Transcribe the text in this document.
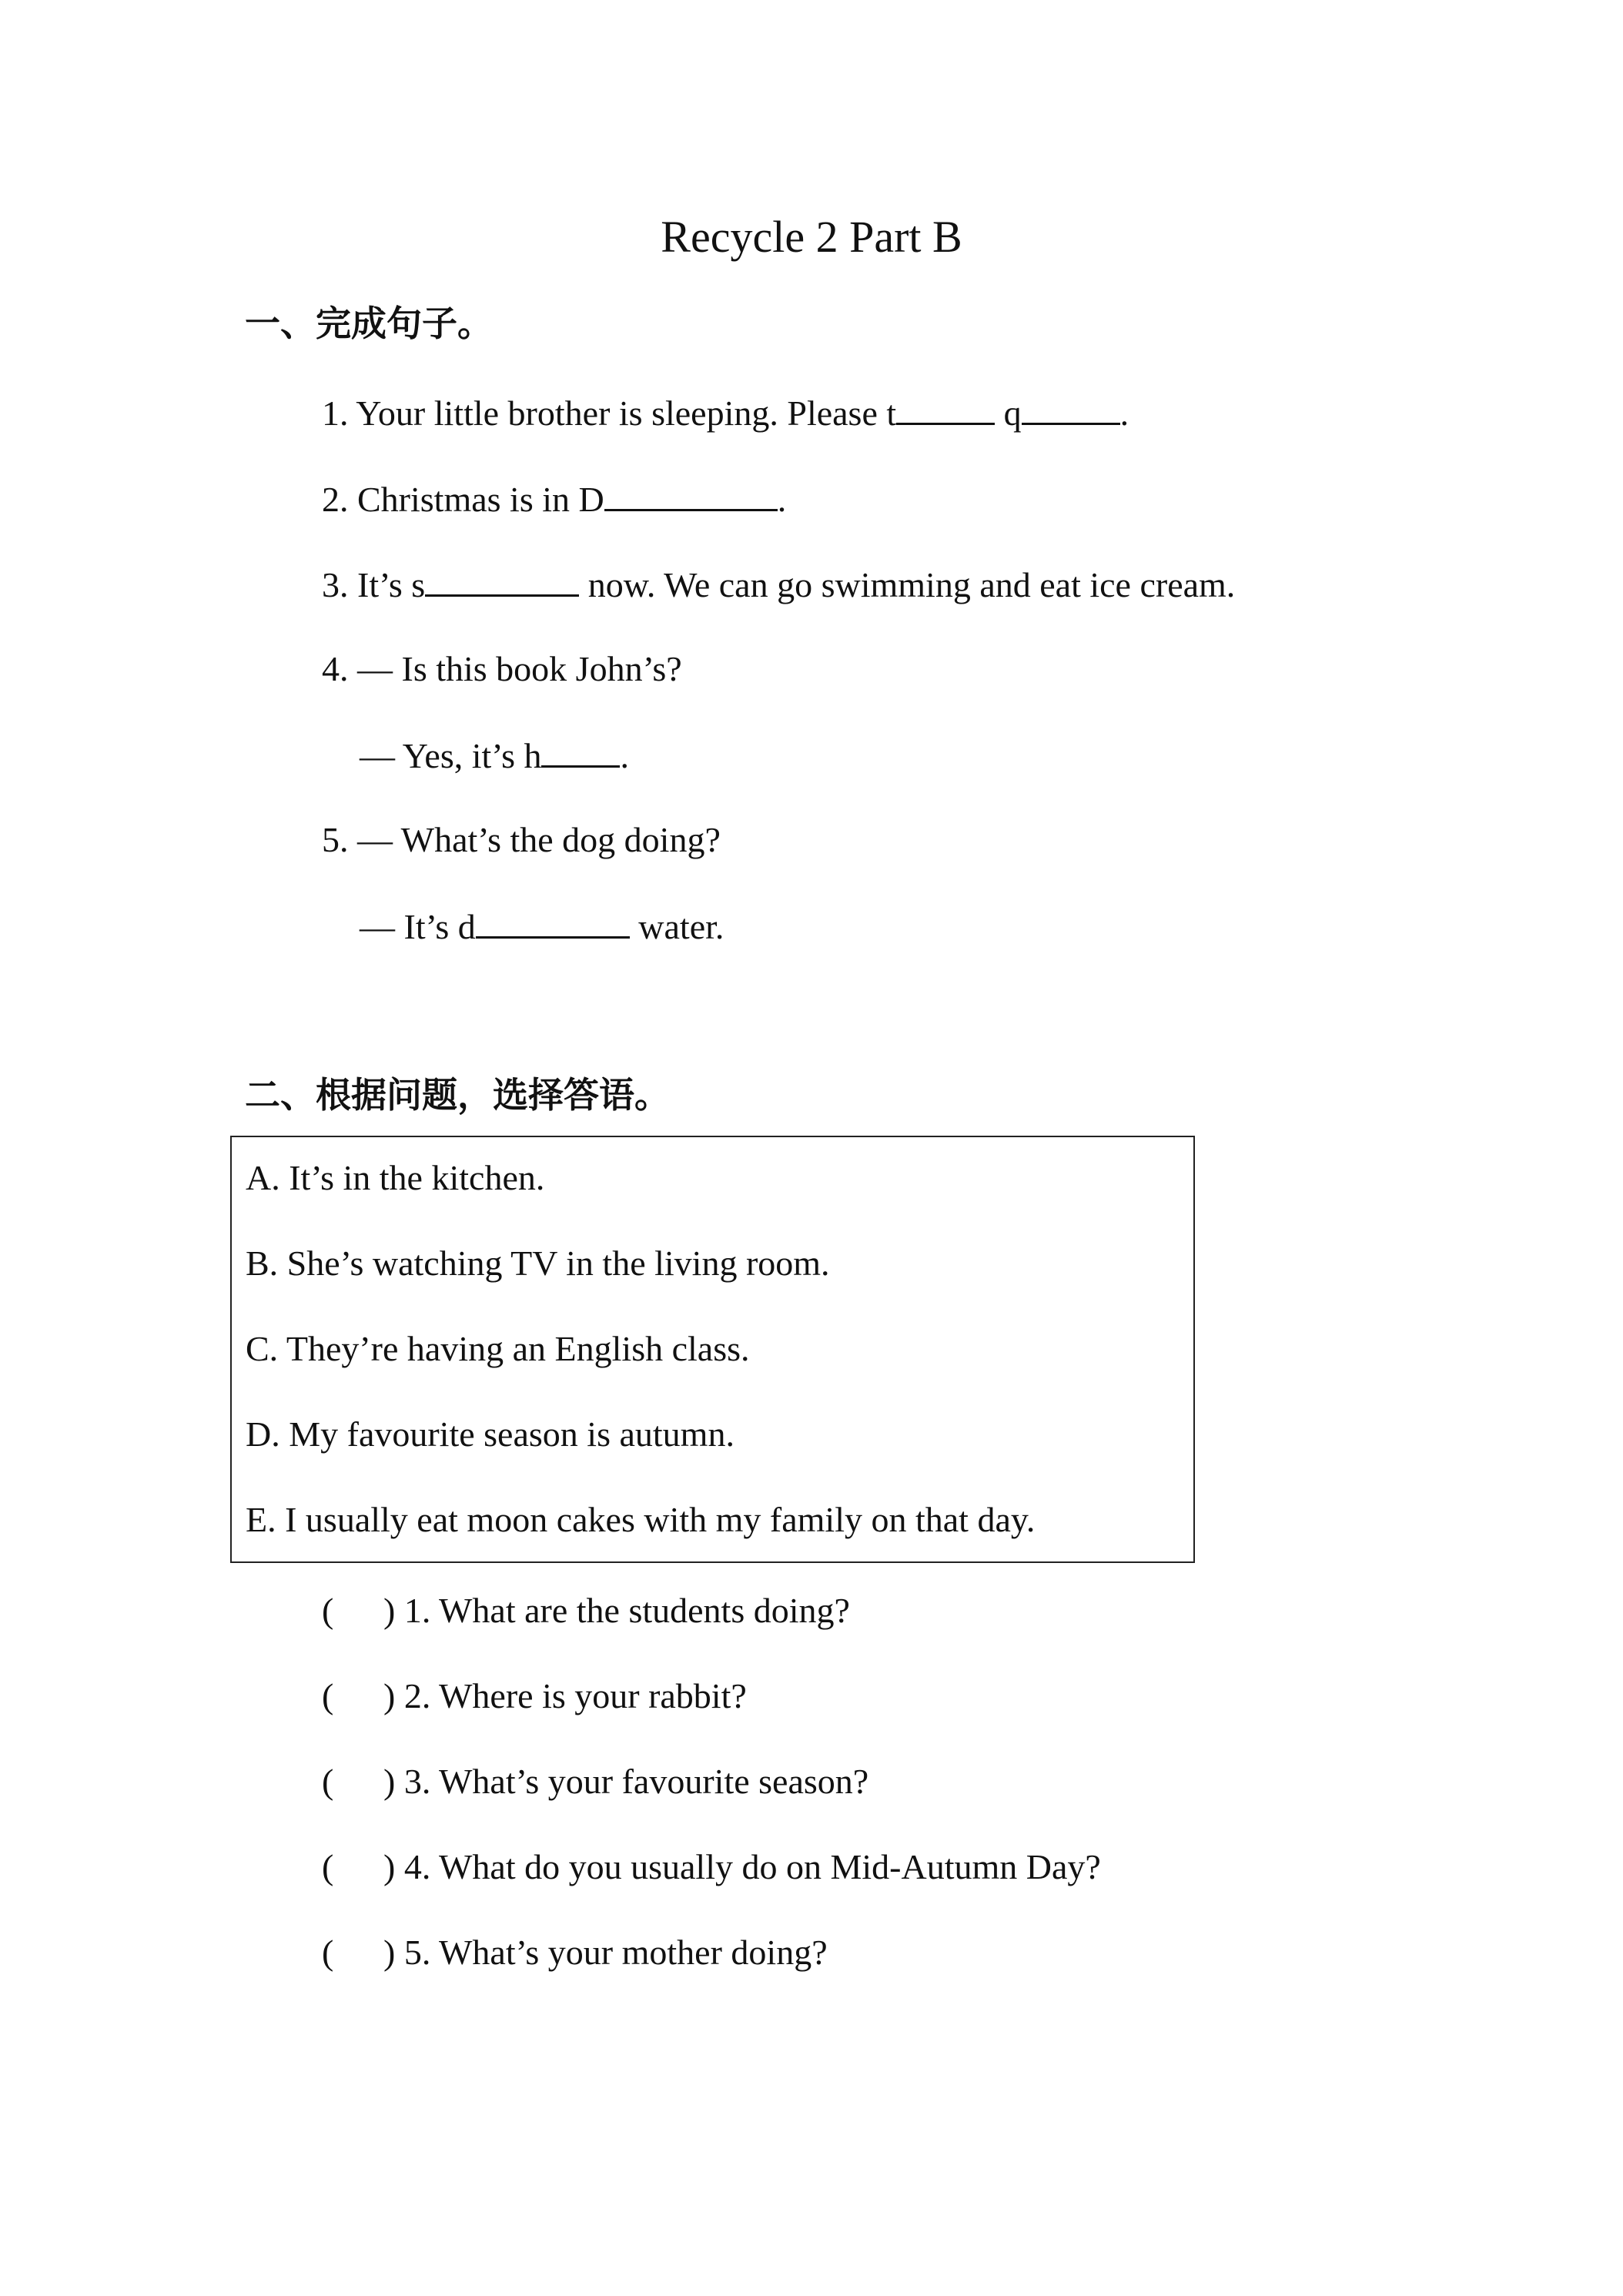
Recycle 2 Part B
一、完成句子。
1. Your little brother is sleeping. Please t	q	.
2. Christmas is in D	.
3. It’s s	now. We can go swimming and eat ice cream.
4. — Is this book John’s?
— Yes, it’s h .
5. — What’s the dog doing?
— It’s d	water.
二、根据问题，选择答语。
A. It’s in the kitchen.
B. She’s watching TV in the living room.
C. They’re having an English class.
D. My favourite season is autumn.
E. I usually eat moon cakes with my family on that day.
( ) 1. What are the students doing?
( ) 2. Where is your rabbit?
( ) 3. What’s your favourite season?
( ) 4. What do you usually do on Mid-Autumn Day?
( ) 5. What’s your mother doing?
